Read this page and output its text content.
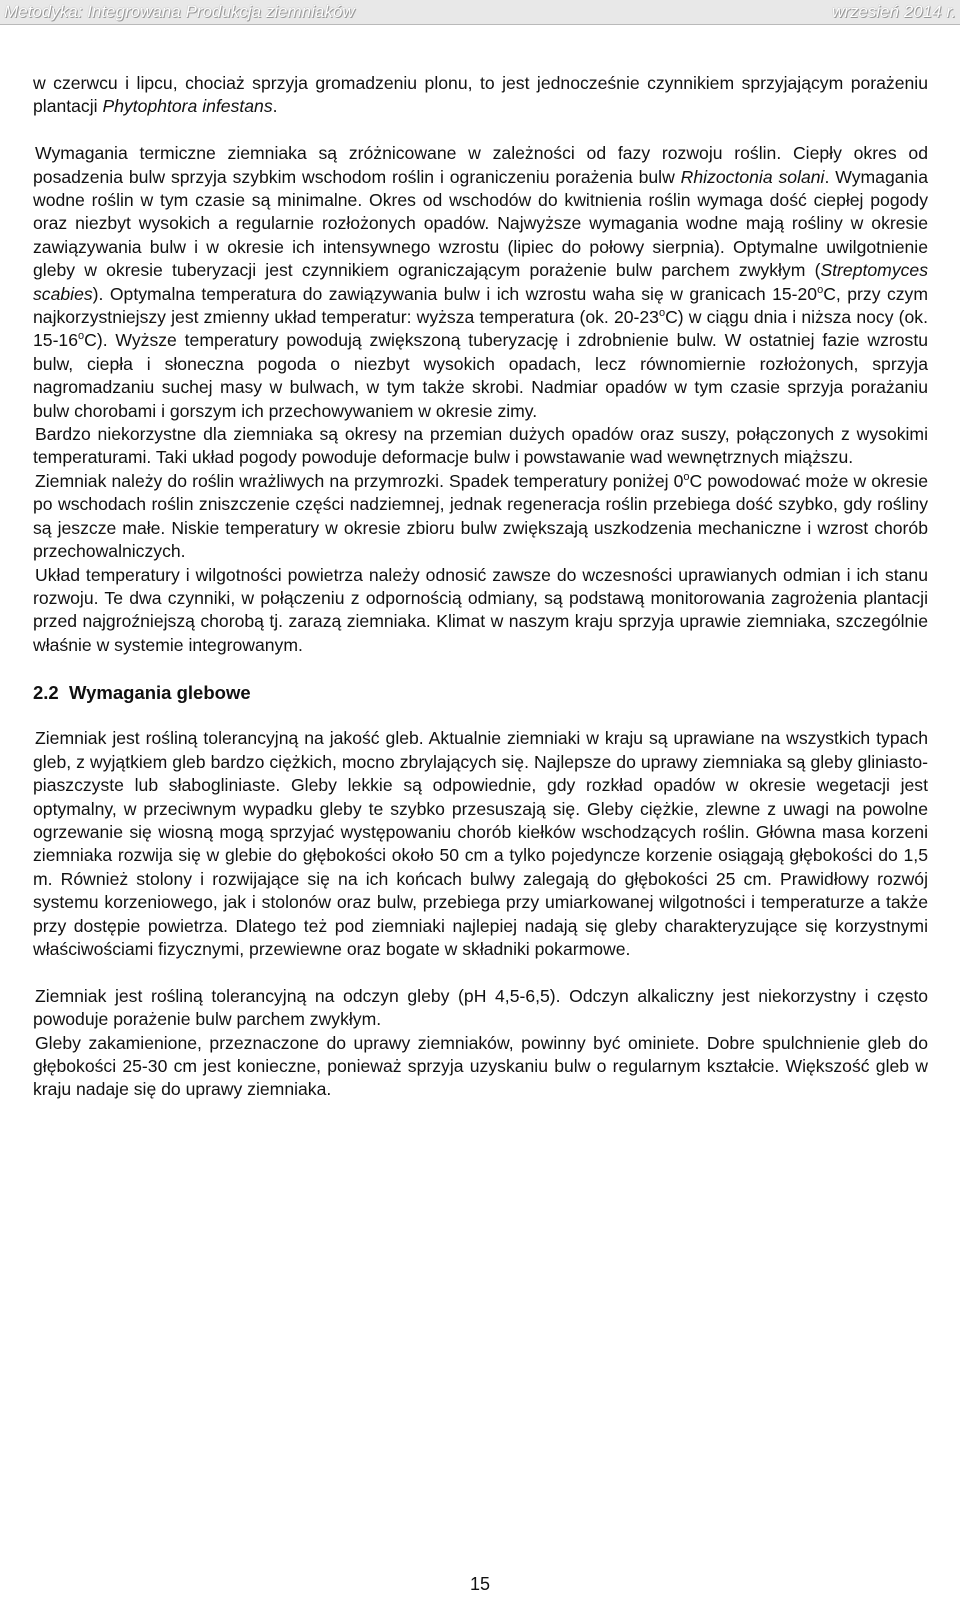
Metodyka: Integrowana Produkcja ziemniaków	wrzesień 2014 r.

w czerwcu i lipcu, chociaż sprzyja gromadzeniu plonu, to jest jednocześnie czynnikiem sprzyjającym porażeniu plantacji Phytophtora infestans.

Wymagania termiczne ziemniaka są zróżnicowane w zależności od fazy rozwoju roślin. Ciepły okres od posadzenia bulw sprzyja szybkim wschodom roślin i ograniczeniu porażenia bulw Rhizoctonia solani. Wymagania wodne roślin w tym czasie są minimalne. Okres od wschodów do kwitnienia roślin wymaga dość ciepłej pogody oraz niezbyt wysokich a regularnie rozłożonych opadów. Najwyższe wymagania wodne mają rośliny w okresie zawiązywania bulw i w okresie ich intensywnego wzrostu (lipiec do połowy sierpnia). Optymalne uwilgotnienie gleby w okresie tuberyzacji jest czynnikiem ograniczającym porażenie bulw parchem zwykłym (Streptomyces scabies). Optymalna temperatura do zawiązywania bulw i ich wzrostu waha się w granicach 15-20$^o$C, przy czym najkorzystniejszy jest zmienny układ temperatur: wyższa temperatura (ok. 20-23$^o$C) w ciągu dnia i niższa nocy (ok. 15-16$^o$C). Wyższe temperatury powodują zwiększoną tuberyzację i zdrobnienie bulw. W ostatniej fazie wzrostu bulw, ciepła i słoneczna pogoda o niezbyt wysokich opadach, lecz równomiernie rozłożonych, sprzyja nagromadzaniu suchej masy w bulwach, w tym także skrobi. Nadmiar opadów w tym czasie sprzyja porażaniu bulw chorobami i gorszym ich przechowywaniem w okresie zimy.

Bardzo niekorzystne dla ziemniaka są okresy na przemian dużych opadów oraz suszy, połączonych z wysokimi temperaturami. Taki układ pogody powoduje deformacje bulw i powstawanie wad wewnętrznych miąższu.

Ziemniak należy do roślin wrażliwych na przymrozki. Spadek temperatury poniżej 0$^o$C powodować może w okresie po wschodach roślin zniszczenie części nadziemnej, jednak regeneracja roślin przebiega dość szybko, gdy rośliny są jeszcze małe. Niskie temperatury w okresie zbioru bulw zwiększają uszkodzenia mechaniczne i wzrost chorób przechowalniczych.

Układ temperatury i wilgotności powietrza należy odnosić zawsze do wczesności uprawianych odmian i ich stanu rozwoju. Te dwa czynniki, w połączeniu z odpornością odmiany, są podstawą monitorowania zagrożenia plantacji przed najgroźniejszą chorobą tj. zarazą ziemniaka. Klimat w naszym kraju sprzyja uprawie ziemniaka, szczególnie właśnie w systemie integrowanym.

2.2  Wymagania glebowe

Ziemniak jest rośliną tolerancyjną na jakość gleb. Aktualnie ziemniaki w kraju są uprawiane na wszystkich typach gleb, z wyjątkiem gleb bardzo ciężkich, mocno zbrylających się. Najlepsze do uprawy ziemniaka są gleby gliniasto-piaszczyste lub słabogliniaste. Gleby lekkie są odpowiednie, gdy rozkład opadów w okresie wegetacji jest optymalny, w przeciwnym wypadku gleby te szybko przesuszają się. Gleby ciężkie, zlewne z uwagi na powolne ogrzewanie się wiosną mogą sprzyjać występowaniu chorób kiełków wschodzących roślin. Główna masa korzeni ziemniaka rozwija się w glebie do głębokości około 50 cm a tylko pojedyncze korzenie osiągają głębokości do 1,5 m. Również stolony i rozwijające się na ich końcach bulwy zalegają do głębokości 25 cm. Prawidłowy rozwój systemu korzeniowego, jak i stolonów oraz bulw, przebiega przy umiarkowanej wilgotności i temperaturze a także przy dostępie powietrza. Dlatego też pod ziemniaki najlepiej nadają się gleby charakteryzujące się korzystnymi właściwościami fizycznymi, przewiewne oraz bogate w składniki pokarmowe.

Ziemniak jest rośliną tolerancyjną na odczyn gleby (pH 4,5-6,5). Odczyn alkaliczny jest niekorzystny i często powoduje porażenie bulw parchem zwykłym.

Gleby zakamienione, przeznaczone do uprawy ziemniaków, powinny być ominiete. Dobre spulchnienie gleb do głębokości 25-30 cm jest konieczne, ponieważ sprzyja uzyskaniu bulw o regularnym kształcie. Większość gleb w kraju nadaje się do uprawy ziemniaka.

15
